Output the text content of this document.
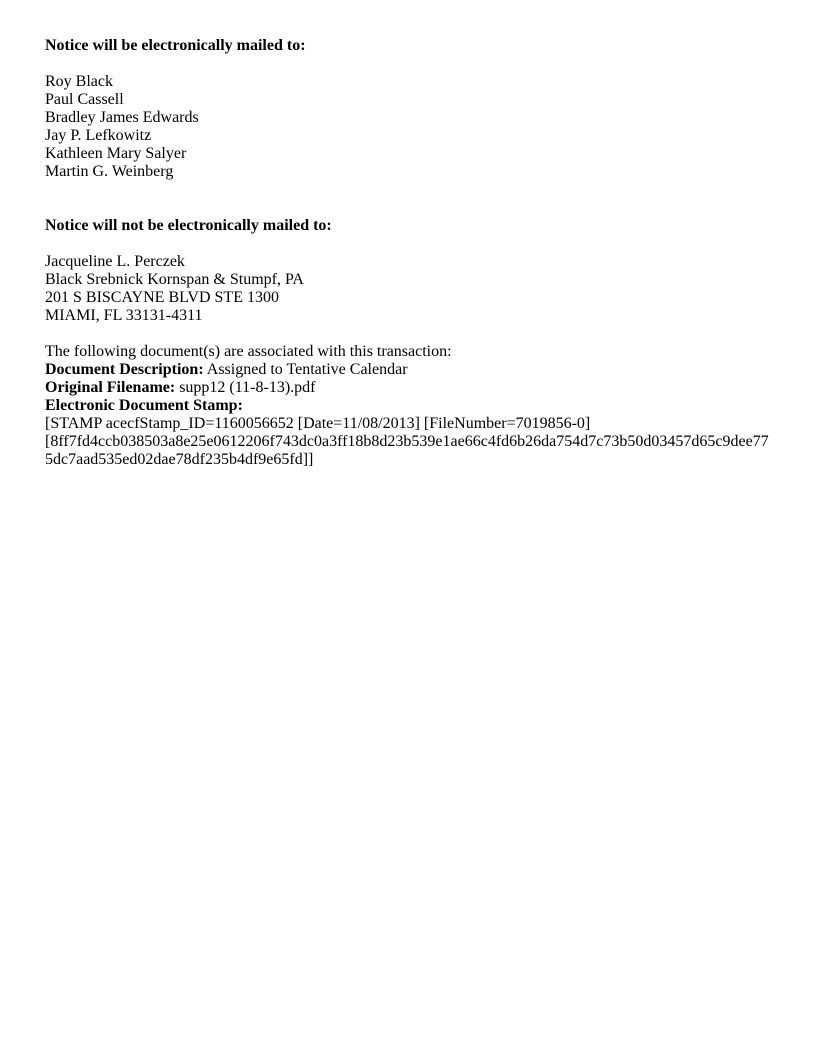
Notice will be electronically mailed to:

Roy Black
Paul Cassell
Bradley James Edwards
Jay P. Lefkowitz
Kathleen Mary Salyer
Martin G. Weinberg

Notice will not be electronically mailed to:

Jacqueline L. Perczek
Black Srebnick Kornspan & Stumpf, PA
201 S BISCAYNE BLVD STE 1300
MIAMI, FL 33131-4311
The following document(s) are associated with this transaction:
Document Description: Assigned to Tentative Calendar
Original Filename: supp12 (11-8-13).pdf
Electronic Document Stamp:
[STAMP acecfStamp_ID=1160056652 [Date=11/08/2013] [FileNumber=7019856-0]
[8ff7fd4ccb038503a8e25e0612206f743dc0a3ff18b8d23b539e1ae66c4fd6b26da754d7c73b50d03457d65c9dee77
5dc7aad535ed02dae78df235b4df9e65fd]]
